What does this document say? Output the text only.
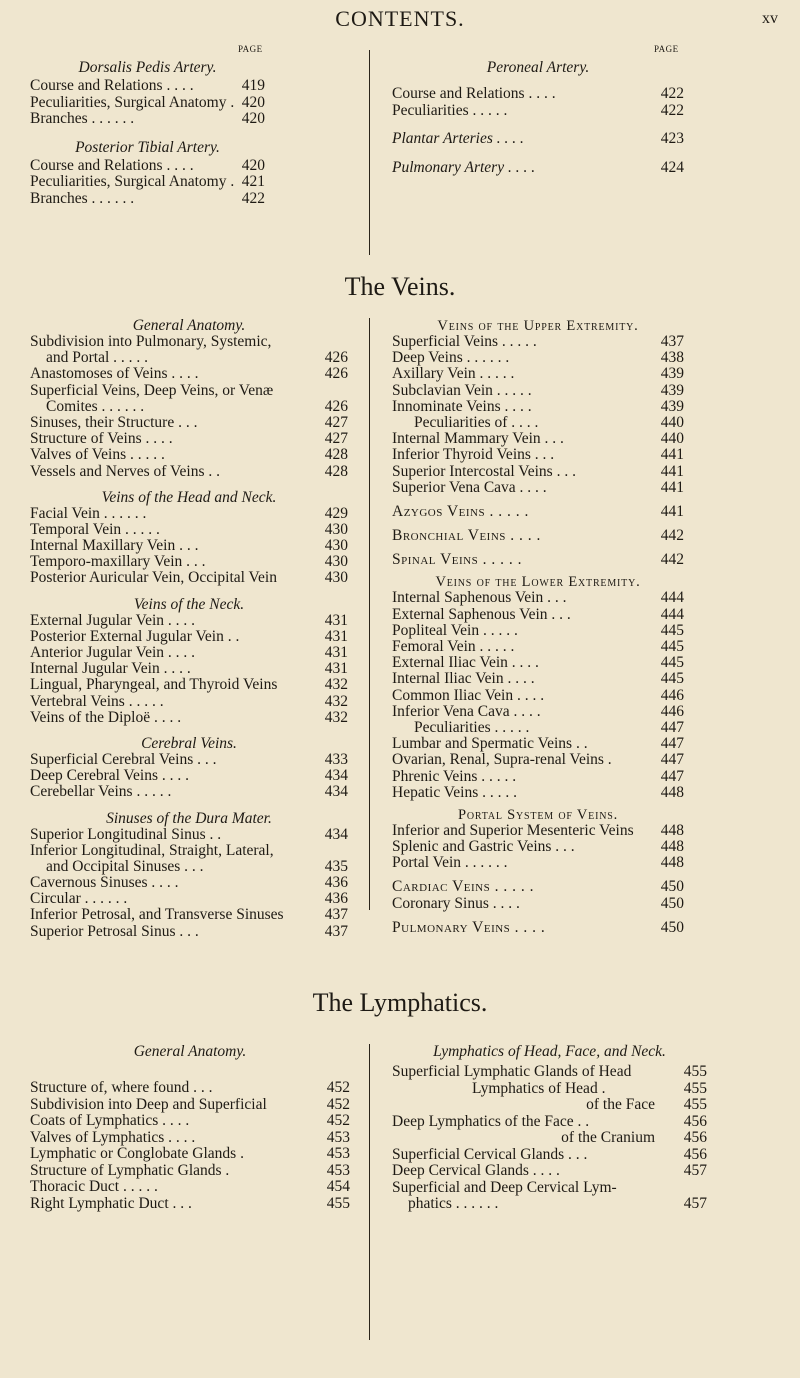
CONTENTS.	xv
PAGE	PAGE
Dorsalis Pedis Artery.
Course and Relations . . . .	419
Peculiarities, Surgical Anatomy . 420
Branches . . . . . .	420
Posterior Tibial Artery.
Course and Relations . . . .	420
Peculiarities, Surgical Anatomy . 421
Branches . . . . . .	422
Peroneal Artery.
Course and Relations . . . .	422
Peculiarities . . . . .	422
Plantar Arteries . . . .	423
Pulmonary Artery . . . .	424
The Veins.
General Anatomy.
Subdivision into Pulmonary, Systemic,
and Portal . . . . .	426
Anastomoses of Veins . . . .	426
Superficial Veins, Deep Veins, or Venæ
Comites . . . . . .	426
Sinuses, their Structure . . .	427
Structure of Veins . . . .	427
Valves of Veins . . . . .	428
Vessels and Nerves of Veins . .	428
Veins of the Head and Neck.
Facial Vein . . . . . .	429
Temporal Vein . . . . .	430
Internal Maxillary Vein . . .	430
Temporo-maxillary Vein . . .	430
Posterior Auricular Vein, Occipital Vein	430
Veins of the Neck.
External Jugular Vein . . . .	431
Posterior External Jugular Vein . .	431
Anterior Jugular Vein . . . .	431
Internal Jugular Vein . . . .	431
Lingual, Pharyngeal, and Thyroid Veins	432
Vertebral Veins . . . . .	432
Veins of the Diploë . . . .	432
Cerebral Veins.
Superficial Cerebral Veins . . .	433
Deep Cerebral Veins . . . .	434
Cerebellar Veins . . . . .	434
Sinuses of the Dura Mater.
Superior Longitudinal Sinus . .	434
Inferior Longitudinal, Straight, Lateral,
and Occipital Sinuses . . .	435
Cavernous Sinuses . . . .	436
Circular . . . . . .	436
Inferior Petrosal, and Transverse Sinuses	437
Superior Petrosal Sinus . . .	437
Veins of the Upper Extremity.
Superficial Veins . . . . .	437
Deep Veins . . . . . .	438
Axillary Vein . . . . .	439
Subclavian Vein . . . . .	439
Innominate Veins . . . .	439
Peculiarities of . . . .	440
Internal Mammary Vein . . .	440
Inferior Thyroid Veins . . .	441
Superior Intercostal Veins . . .	441
Superior Vena Cava . . . .	441
Azygos Veins . . . . .	441
Bronchial Veins . . . .	442
Spinal Veins . . . . .	442
Veins of the Lower Extremity.
Internal Saphenous Vein . . .	444
External Saphenous Vein . . .	444
Popliteal Vein . . . . .	445
Femoral Vein . . . . .	445
External Iliac Vein . . . .	445
Internal Iliac Vein . . . .	445
Common Iliac Vein . . . .	446
Inferior Vena Cava . . . .	446
Peculiarities . . . . .	447
Lumbar and Spermatic Veins . .	447
Ovarian, Renal, Supra-renal Veins .	447
Phrenic Veins . . . . .	447
Hepatic Veins . . . . .	448
Portal System of Veins.
Inferior and Superior Mesenteric Veins 448
Splenic and Gastric Veins . . .	448
Portal Vein . . . . . .	448
Cardiac Veins . . . . .	450
Coronary Sinus . . . .	450
Pulmonary Veins . . . .	450
The Lymphatics.
General Anatomy.
Structure of, where found . . .	452
Subdivision into Deep and Superficial	452
Coats of Lymphatics . . . .	452
Valves of Lymphatics . . . .	453
Lymphatic or Conglobate Glands .	453
Structure of Lymphatic Glands .	453
Thoracic Duct . . . . .	454
Right Lymphatic Duct . . .	455
Lymphatics of Head, Face, and Neck.
Superficial Lymphatic Glands of Head	455
Lymphatics of Head .	455
of the Face 455
Deep Lymphatics of the Face . .	456
of the Cranium 456
Superficial Cervical Glands . . .	456
Deep Cervical Glands . . . .	457
Superficial and Deep Cervical Lym-
phatics . . . . . .	457
